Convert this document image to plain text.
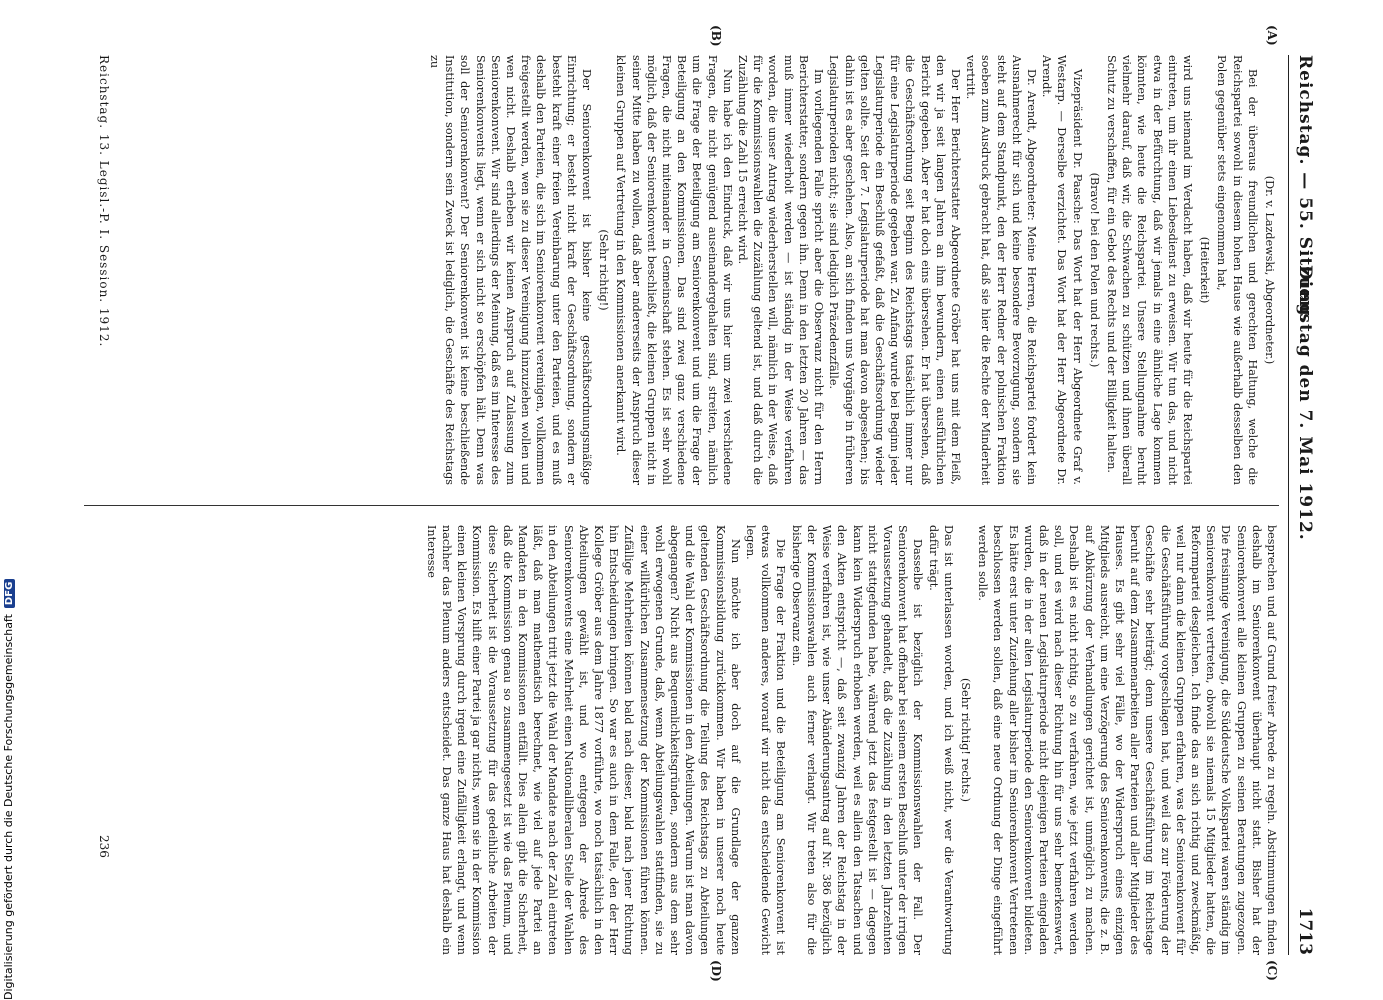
Reichstag. — 55. Sitzung.
Dienstag den 7. Mai 1912.
1713
(A)
(B)
(C)
(D)

(Dr. v. Lazdewski, Abgeordneter.)

Bei der überaus freundlichen und gerechten Haltung, welche die Reichspartei sowohl in diesem hohen Hause wie außerhalb desselben den Polen gegenüber stets eingenommen hat,

(Heiterkeit)

wird uns niemand im Verdacht haben, daß wir heute für die Reichspartei eintreten, um ihr einen Liebesdienst zu erweisen. Wir tun das, und nicht etwa in der Befürchtung, daß wir jemals in eine ähnliche Lage kommen könnten, wie heute die Reichspartei. Unsere Stellungnahme beruht vielmehr darauf, daß wir, die Schwachen zu schützen und ihnen überall Schutz zu verschaffen, für ein Gebot des Rechts und der Billigkeit halten.

(Bravo! bei den Polen und rechts.)

Vizepräsident Dr. Paasche: Das Wort hat der Herr Abgeordnete Graf v. Westarp. — Derselbe verzichtet. Das Wort hat der Herr Abgeordnete Dr. Arendt.

Dr. Arendt, Abgeordneter: Meine Herren, die Reichspartei fordert kein Ausnahmerecht für sich und keine besondere Bevorzugung, sondern sie steht auf dem Standpunkt, den der Herr Redner der polnischen Fraktion soeben zum Ausdruck gebracht hat, daß sie hier die Rechte der Minderheit vertritt.

Der Herr Berichterstatter Abgeordnete Gröber hat uns mit dem Fleiß, den wir ja seit langen Jahren an ihm bewundern, einen ausführlichen Bericht gegeben. Aber er hat doch eins übersehen. Er hat übersehen, daß die Geschäftsordnung seit Beginn des Reichstags tatsächlich immer nur für eine Legislaturperiode gegeben war. Zu Anfang wurde bei Beginn jeder Legislaturperiode ein Beschluß gefaßt, daß die Geschäftsordnung wieder gelten sollte. Seit der 7. Legislaturperiode hat man davon abgesehen; bis dahin ist es aber geschehen. Also, an sich finden uns Vorgänge in früheren Legislaturperioden nicht; sie sind lediglich Präzedenzfälle.

Im vorliegenden Falle spricht aber die Observanz nicht für den Herrn Berichterstatter, sondern gegen ihn. Denn in den letzten 20 Jahren — das muß immer wiederholt werden — ist ständig in der Weise verfahren worden, die unser Antrag wiederherstellen will, nämlich in der Weise, daß für die Kommissionswahlen die Zuzählung geltend ist, und daß durch die Zuzählung die Zahl 15 erreicht wird.

Nun habe ich den Eindruck, daß wir uns hier um zwei verschiedene Fragen, die nicht genügend auseinandergehalten sind, streiten, nämlich um die Frage der Beteiligung am Seniorenkonvent und um die Frage der Beteiligung an den Kommissionen. Das sind zwei ganz verschiedene Fragen, die nicht miteinander in Gemeinschaft stehen. Es ist sehr wohl möglich, daß der Seniorenkonvent beschließt, die kleinen Gruppen nicht in seiner Mitte haben zu wollen, daß aber andererseits der Anspruch dieser kleinen Gruppen auf Vertretung in den Kommissionen anerkannt wird.

(Sehr richtig!)

Der Seniorenkonvent ist bisher keine geschäftsordnungsmäßige Einrichtung; er besteht nicht kraft der Geschäftsordnung, sondern er besteht kraft einer freien Vereinbarung unter den Parteien, und es muß deshalb den Parteien, die sich im Seniorenkonvent vereinigen, vollkommen freigestellt werden, wen sie zu dieser Vereinigung hinzuziehen wollen und wen nicht. Deshalb erheben wir keinen Anspruch auf Zulassung zum Seniorenkonvent. Wir sind allerdings der Meinung, daß es im Interesse des Seniorenkonvents liegt, wenn er sich nicht so erschöpfen hält. Denn was soll der Seniorenkonvent? Der Seniorenkonvent ist keine beschließende Institution, sondern sein Zweck ist lediglich, die Geschäfte des Reichstags zu

besprechen und auf Grund freier Abrede zu regeln. Abstimmungen finden deshalb im Seniorenkonvent überhaupt nicht statt. Bisher hat der Seniorenkonvent alle kleinen Gruppen zu seinen Beratungen zugezogen. Die freisinnige Vereinigung, die Süddeutsche Volkspartei waren ständig im Seniorenkonvent vertreten, obwohl sie niemals 15 Mitglieder hatten, die Reformpartei desgleichen. Ich finde das an sich richtig und zweckmäßig, weil nur dann die kleinen Gruppen erfahren, was der Seniorenkonvent für die Geschäftsführung vorgeschlagen hat, und weil das zur Förderung der Geschäfte sehr beiträgt; denn unsere Geschäftsführung im Reichstage beruht auf dem Zusammenarbeiten aller Parteien und aller Mitglieder des Hauses. Es gibt sehr viel Fälle, wo der Widerspruch eines einzigen Mitglieds ausreicht, um eine Verzögerung des Seniorenkonvents, die z. B. auf Abkürzung der Verhandlungen gerichtet ist, unmöglich zu machen. Deshalb ist es nicht richtig, so zu verfahren, wie jetzt verfahren werden soll, und es wird nach dieser Richtung hin für uns sehr bemerkenswert, daß in der neuen Legislaturperiode nicht diejenigen Parteien eingeladen wurden, die in der alten Legislaturperiode den Seniorenkonvent bildeten. Es hätte erst unter Zuziehung aller bisher im Seniorenkonvent Vertretenen beschlossen werden sollen, daß eine neue Ordnung der Dinge eingeführt werden solle.

(Sehr richtig! rechts.)

Das ist unterlassen worden, und ich weiß nicht, wer die Verantwortung dafür trägt.

Dasselbe ist bezüglich der Kommissionswahlen der Fall. Der Seniorenkonvent hat offenbar bei seinem ersten Beschluß unter der irrigen Voraussetzung gehandelt, daß die Zuzählung in den letzten Jahrzehnten nicht stattgefunden habe, während jetzt das festgestellt ist — dagegen kann kein Widerspruch erhoben werden, weil es allein den Tatsachen und den Akten entspricht —, daß seit zwanzig Jahren der Reichstag in der Weise verfahren ist, wie unser Abänderungsantrag auf Nr. 386 bezüglich der Kommissionswahlen auch ferner verlangt. Wir treten also für die bisherige Observanz ein.

Die Frage der Fraktion und die Beteiligung am Seniorenkonvent ist etwas vollkommen anderes, worauf wir nicht das entscheidende Gewicht legen.

Nun möchte ich aber doch auf die Grundlage der ganzen Kommissionsbildung zurückkommen. Wir haben in unserer noch heute geltenden Geschäftsordnung die Teilung des Reichstags zu Abteilungen und die Wahl der Kommissionen in den Abteilungen. Warum ist man davon abgegangen? Nicht aus Bequemlichkeitsgründen, sondern aus dem sehr wohl erwogenen Grunde, daß, wenn Abteilungswahlen stattfinden, sie zu einer willkürlichen Zusammensetzung der Kommissionen führen können. Zufällige Mehrheiten können bald nach dieser, bald nach jener Richtung hin Entscheidungen bringen. So war es auch in dem Falle, den der Herr Kollege Gröber aus dem Jahre 1877 vorführte, wo noch tatsächlich in den Abteilungen gewählt ist, und wo entgegen der Abrede des Seniorenkonvents eine Mehrheit einen Nationalliberalen Stelle der Wahlen in den Abteilungen tritt jetzt die Wahl der Mandate nach der Zahl eintreten läßt, daß man mathematisch berechnet, wie viel auf jede Partei an Mandaten in den Kommissionen entfällt. Dies allein gibt die Sicherheit, daß die Kommission genau so zusammengesetzt ist wie das Plenum, und diese Sicherheit ist die Voraussetzung für das gedeihliche Arbeiten der Kommission. Es hilft einer Partei ja gar nichts, wenn sie in der Kommission einen kleinen Vorsprung durch irgend eine Zufälligkeit erlangt, und wenn nachher das Plenum anders entscheidet. Das ganze Haus hat deshalb ein Interesse

Reichstag. 13. Legisl.-P. I. Session. 1912.
236
Digitalisierung gefördert durch die Deutsche ForschungsgemeinschaftDFG
